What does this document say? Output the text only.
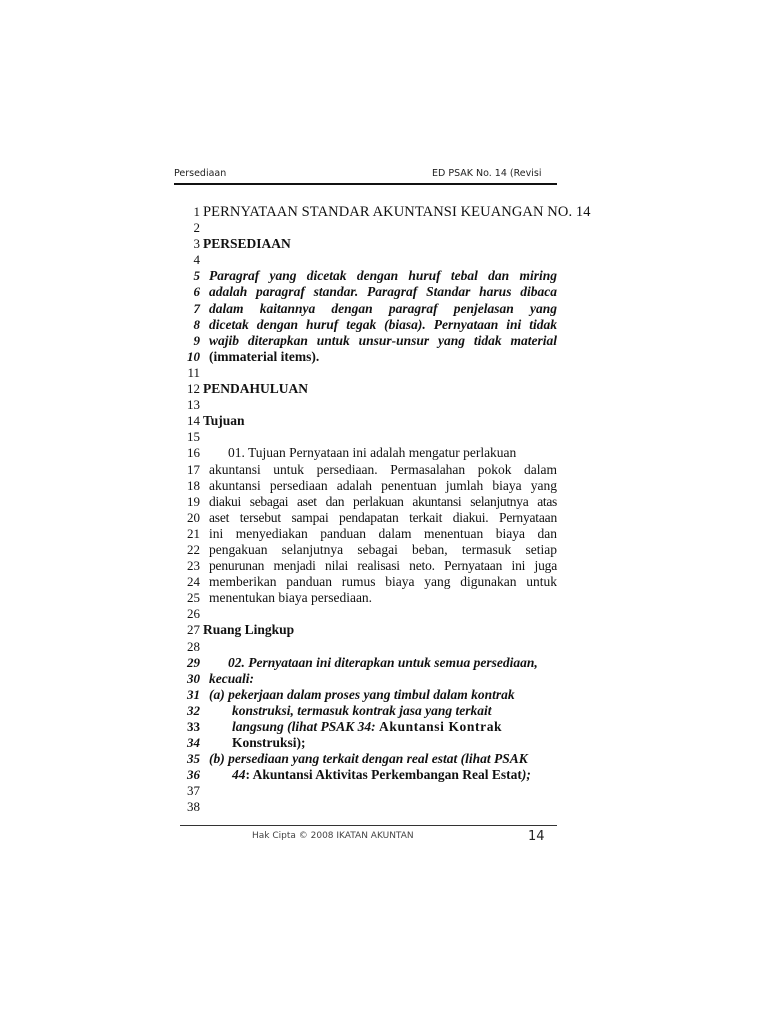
Persediaan	ED PSAK No. 14 (Revisi
1 PERNYATAAN STANDAR AKUNTANSI KEUANGAN NO. 14
2
3 PERSEDIAAN
4
5 Paragraf yang dicetak dengan huruf tebal dan miring
6 adalah paragraf standar. Paragraf Standar harus dibaca
7 dalam kaitannya dengan paragraf penjelasan yang
8 dicetak dengan huruf tegak (biasa). Pernyataan ini tidak
9 wajib diterapkan untuk unsur-unsur yang tidak material
10 (immaterial items).
11
12 PENDAHULUAN
13
14 Tujuan
15
16 01. Tujuan Pernyataan ini adalah mengatur perlakuan
17 akuntansi untuk persediaan. Permasalahan pokok dalam
18 akuntansi persediaan adalah penentuan jumlah biaya yang
19 diakui sebagai aset dan perlakuan akuntansi selanjutnya atas
20 aset tersebut sampai pendapatan terkait diakui. Pernyataan
21 ini menyediakan panduan dalam menentuan biaya dan
22 pengakuan selanjutnya sebagai beban, termasuk setiap
23 penurunan menjadi nilai realisasi neto. Pernyataan ini juga
24 memberikan panduan rumus biaya yang digunakan untuk
25 menentukan biaya persediaan.
26
27 Ruang Lingkup
28
29 02. Pernyataan ini diterapkan untuk semua persediaan,
30 kecuali:
31 (a) pekerjaan dalam proses yang timbul dalam kontrak
32 konstruksi, termasuk kontrak jasa yang terkait
33 langsung (lihat PSAK 34: Akuntansi Kontrak
34 Konstruksi);
35 (b) persediaan yang terkait dengan real estat (lihat PSAK
36 44: Akuntansi Aktivitas Perkembangan Real Estat);
37
38
Hak Cipta © 2008 IKATAN AKUNTAN	14
